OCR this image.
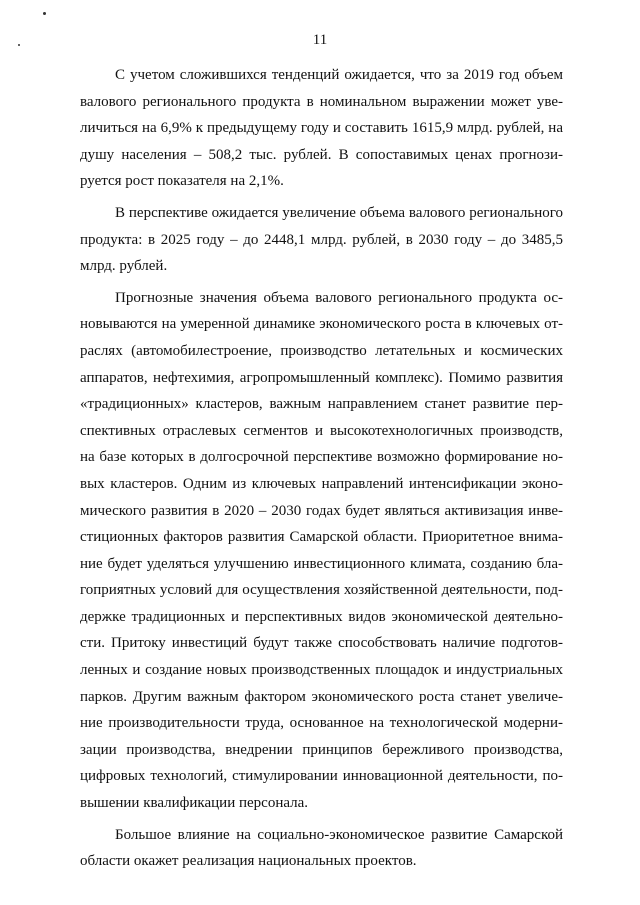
11

С учетом сложившихся тенденций ожидается, что за 2019 год объем валового регионального продукта в номинальном выражении может увеличиться на 6,9% к предыдущему году и составить 1615,9 млрд. рублей, на душу населения – 508,2 тыс. рублей. В сопоставимых ценах прогнозируется рост показателя на 2,1%.

В перспективе ожидается увеличение объема валового регионального продукта: в 2025 году – до 2448,1 млрд. рублей, в 2030 году – до 3485,5 млрд. рублей.

Прогнозные значения объема валового регионального продукта основываются на умеренной динамике экономического роста в ключевых отраслях (автомобилестроение, производство летательных и космических аппаратов, нефтехимия, агропромышленный комплекс). Помимо развития «традиционных» кластеров, важным направлением станет развитие перспективных отраслевых сегментов и высокотехнологичных производств, на базе которых в долгосрочной перспективе возможно формирование новых кластеров. Одним из ключевых направлений интенсификации экономического развития в 2020 – 2030 годах будет являться активизация инвестиционных факторов развития Самарской области. Приоритетное внимание будет уделяться улучшению инвестиционного климата, созданию благоприятных условий для осуществления хозяйственной деятельности, поддержке традиционных и перспективных видов экономической деятельности. Притоку инвестиций будут также способствовать наличие подготовленных и создание новых производственных площадок и индустриальных парков. Другим важным фактором экономического роста станет увеличение производительности труда, основанное на технологической модернизации производства, внедрении принципов бережливого производства, цифровых технологий, стимулировании инновационной деятельности, повышении квалификации персонала.

Большое влияние на социально-экономическое развитие Самарской области окажет реализация национальных проектов.
